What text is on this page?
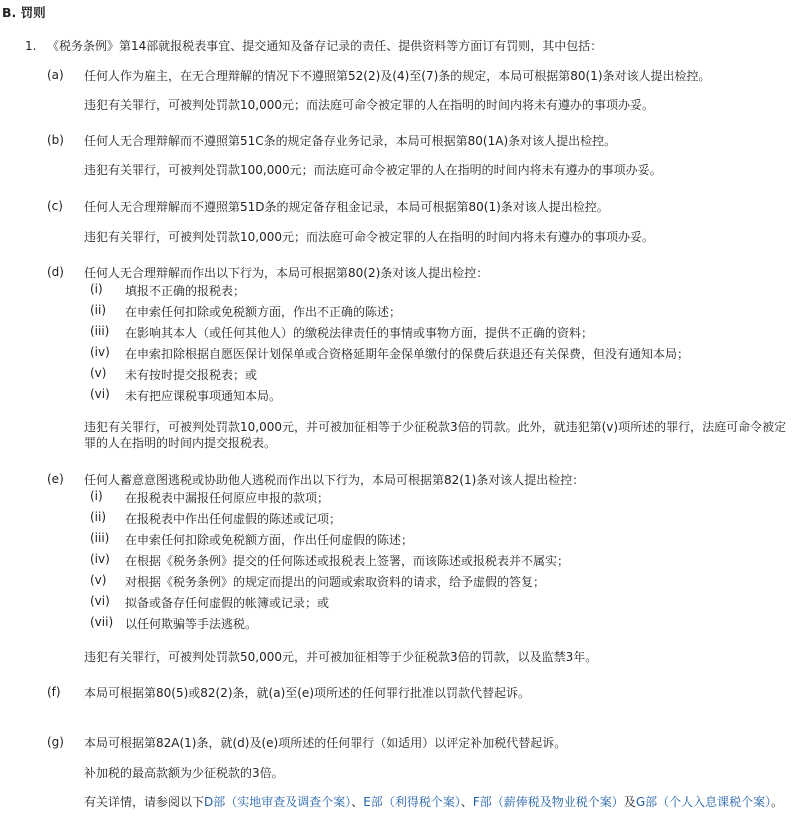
B. 罚则
1. 《税务条例》第14部就报税表事宜、提交通知及备存记录的责任、提供资料等方面订有罚则，其中包括：
(a) 任何人作为雇主，在无合理辩解的情况下不遵照第52(2)及(4)至(7)条的规定，本局可根据第80(1)条对该人提出检控。
违犯有关罪行，可被判处罚款10,000元；而法庭可命令被定罪的人在指明的时间内将未有遵办的事项办妥。
(b) 任何人无合理辩解而不遵照第51C条的规定备存业务记录，本局可根据第80(1A)条对该人提出检控。
违犯有关罪行，可被判处罚款100,000元；而法庭可命令被定罪的人在指明的时间内将未有遵办的事项办妥。
(c) 任何人无合理辩解而不遵照第51D条的规定备存租金记录，本局可根据第80(1)条对该人提出检控。
违犯有关罪行，可被判处罚款10,000元；而法庭可命令被定罪的人在指明的时间内将未有遵办的事项办妥。
(d) 任何人无合理辩解而作出以下行为，本局可根据第80(2)条对该人提出检控：
(i) 填报不正确的报税表；
(ii) 在申索任何扣除或免税额方面，作出不正确的陈述；
(iii) 在影响其本人（或任何其他人）的缴税法律责任的事情或事物方面，提供不正确的资料；
(iv) 在申索扣除根据自愿医保计划保单或合资格延期年金保单缴付的保费后获退还有关保费，但没有通知本局；
(v) 未有按时提交报税表；或
(vi) 未有把应课税事项通知本局。
违犯有关罪行，可被判处罚款10,000元，并可被加征相等于少征税款3倍的罚款。此外，就违犯第(v)项所述的罪行，法庭可命令被定罪的人在指明的时间内提交报税表。
(e) 任何人蓄意意图逃税或协助他人逃税而作出以下行为，本局可根据第82(1)条对该人提出检控：
(i) 在报税表中漏报任何原应申报的款项；
(ii) 在报税表中作出任何虚假的陈述或记项；
(iii) 在申索任何扣除或免税额方面，作出任何虚假的陈述；
(iv) 在根据《税务条例》提交的任何陈述或报税表上签署，而该陈述或报税表并不属实；
(v) 对根据《税务条例》的规定而提出的问题或索取资料的请求，给予虚假的答复；
(vi) 拟备或备存任何虚假的帐簿或记录；或
(vii) 以任何欺骗等手法逃税。
违犯有关罪行，可被判处罚款50,000元，并可被加征相等于少征税款3倍的罚款，以及监禁3年。
(f) 本局可根据第80(5)或82(2)条，就(a)至(e)项所述的任何罪行批准以罚款代替起诉。
(g) 本局可根据第82A(1)条，就(d)及(e)项所述的任何罪行（如适用）以评定补加税代替起诉。
补加税的最高款额为少征税款的3倍。
有关详情，请参阅以下D部（实地审查及调查个案）、E部（利得税个案）、F部（薪俸税及物业税个案）及G部（个人入息课税个案）。
